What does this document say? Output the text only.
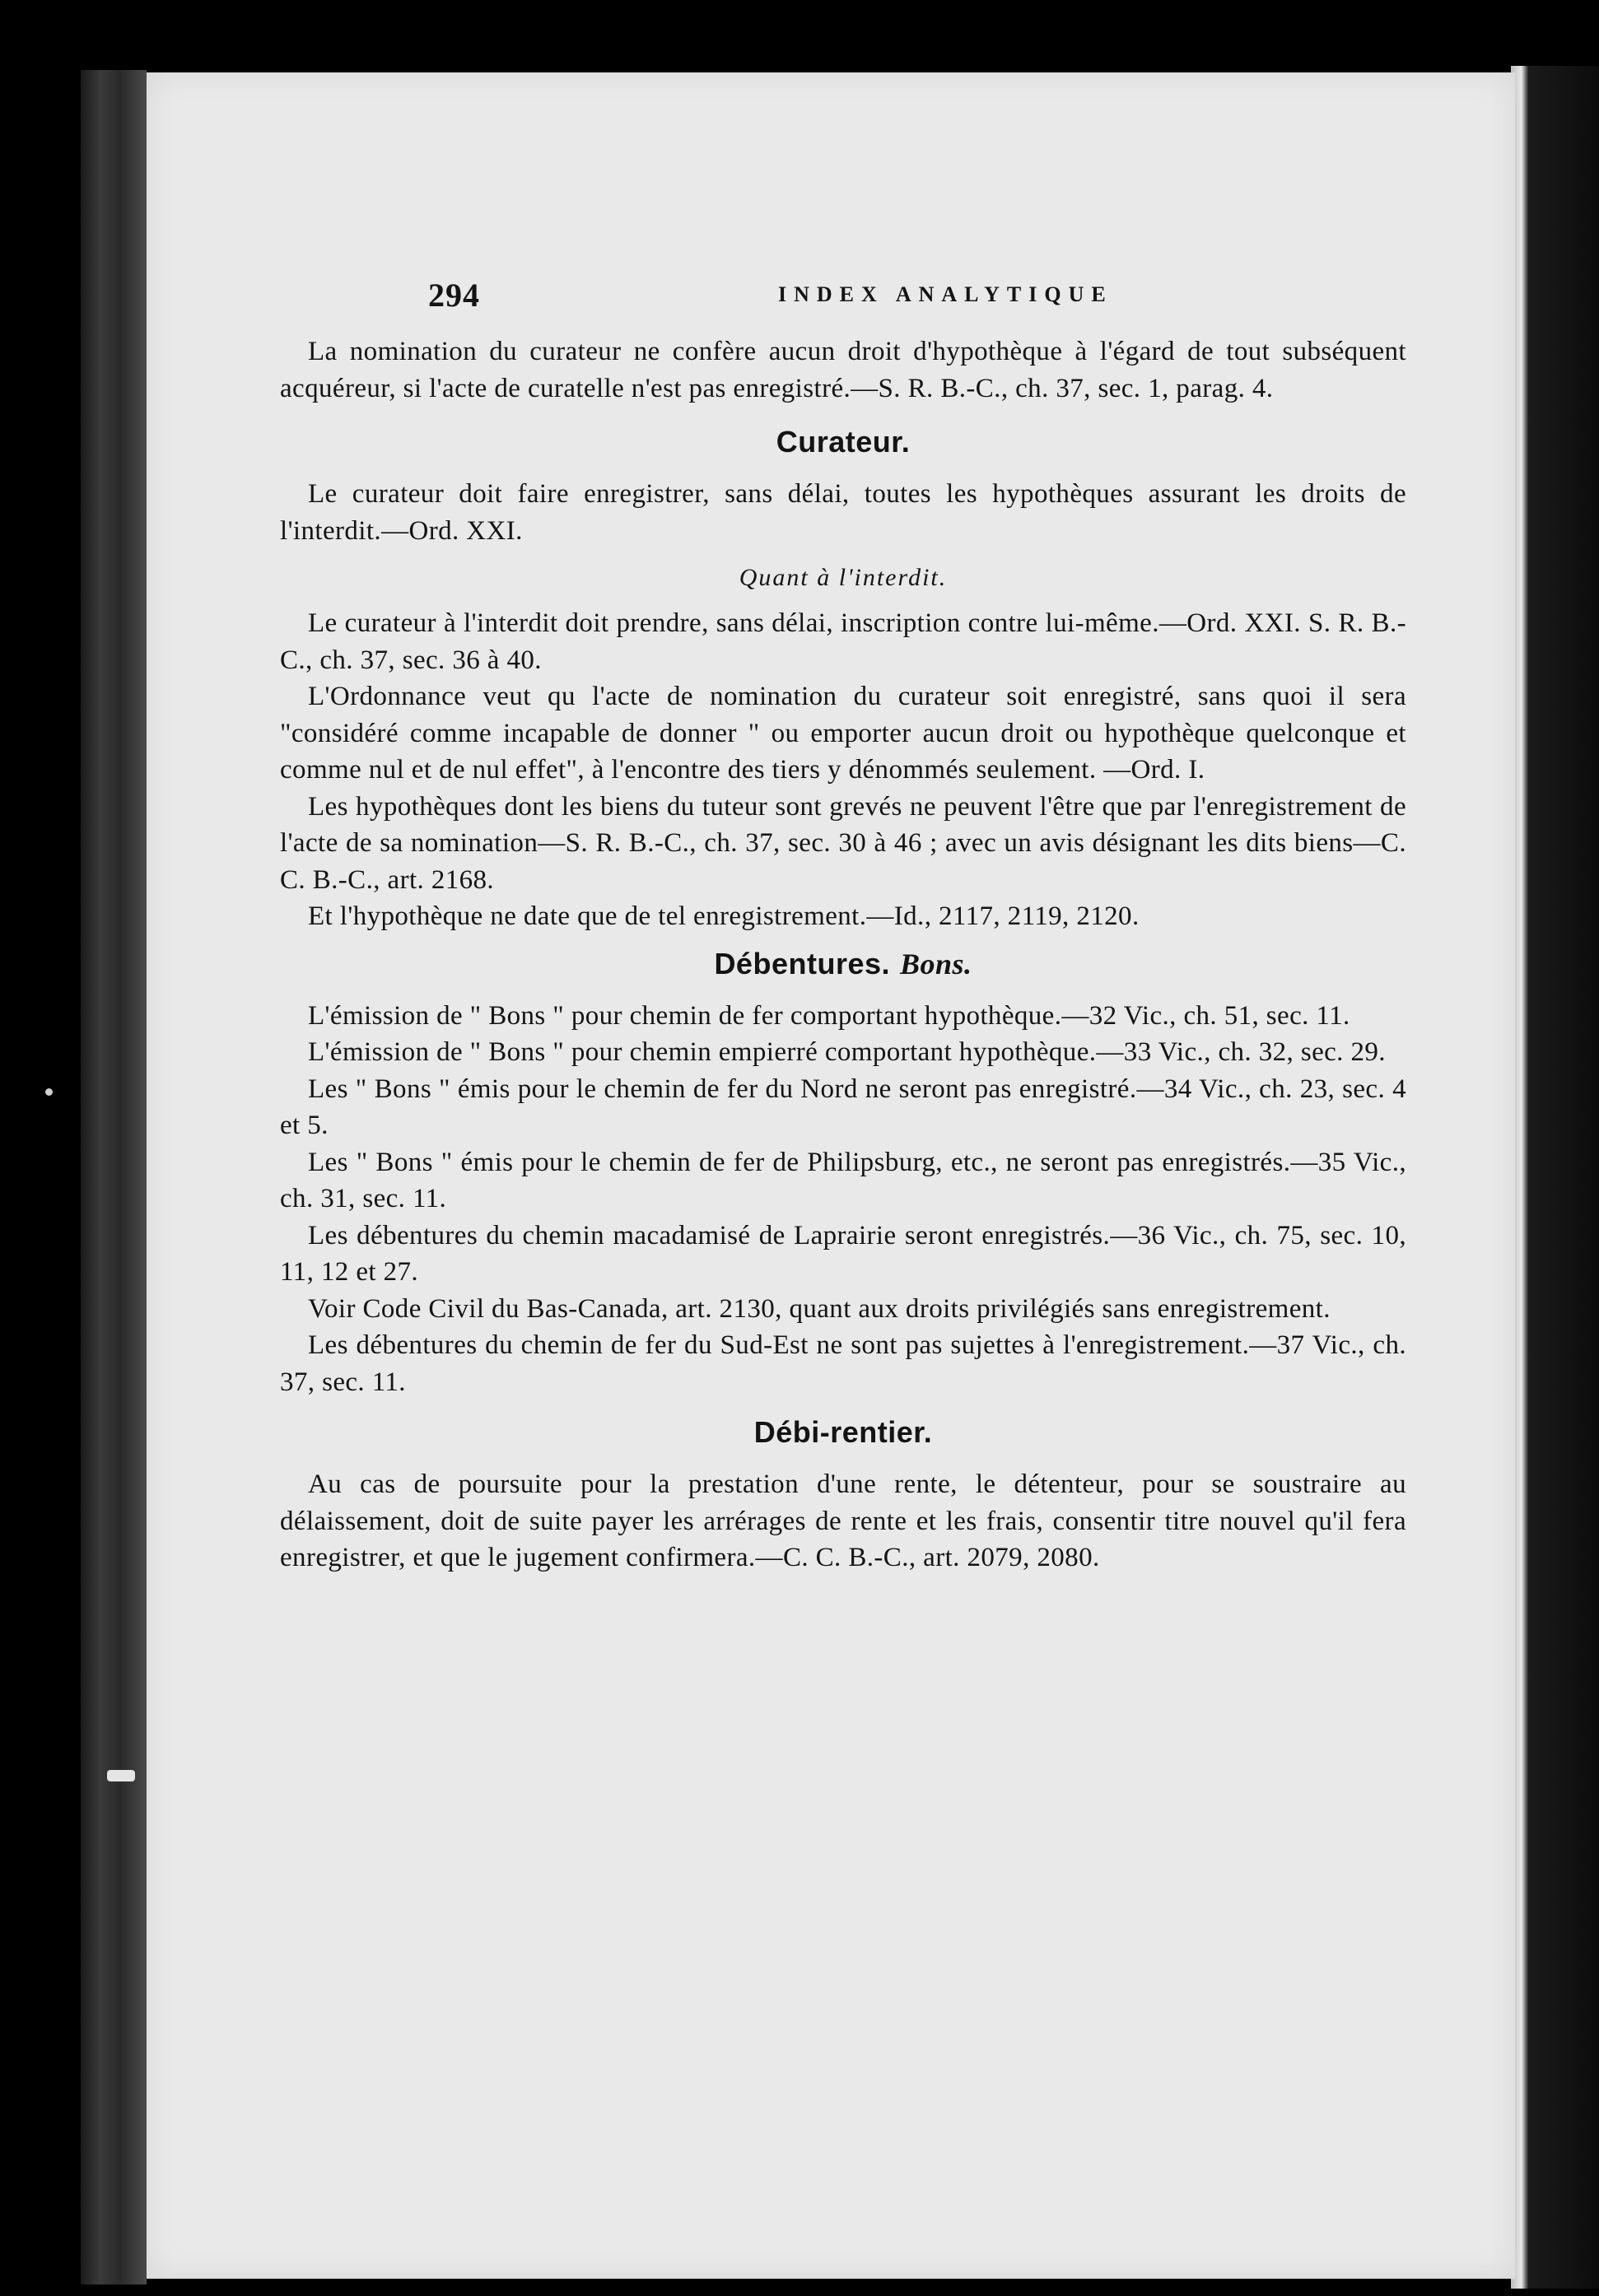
294	INDEX ANALYTIQUE

La nomination du curateur ne confère aucun droit d'hypothèque à l'égard de tout subséquent acquéreur, si l'acte de curatelle n'est pas enregistré.—S. R. B.-C., ch. 37, sec. 1, parag. 4.

Curateur.

Le curateur doit faire enregistrer, sans délai, toutes les hypothèques assurant les droits de l'interdit.—Ord. XXI.

Quant à l'interdit.

Le curateur à l'interdit doit prendre, sans délai, inscription contre lui-même.—Ord. XXI. S. R. B.-C., ch. 37, sec. 36 à 40.

L'Ordonnance veut qu l'acte de nomination du curateur soit enregistré, sans quoi il sera "considéré comme incapable de donner " ou emporter aucun droit ou hypothèque quelconque et comme nul et de nul effet", à l'encontre des tiers y dénommés seulement. —Ord. I.

Les hypothèques dont les biens du tuteur sont grevés ne peuvent l'être que par l'enregistrement de l'acte de sa nomination—S. R. B.-C., ch. 37, sec. 30 à 46 ; avec un avis désignant les dits biens—C. C. B.-C., art. 2168.

Et l'hypothèque ne date que de tel enregistrement.—Id., 2117, 2119, 2120.

Débentures. Bons.

L'émission de " Bons " pour chemin de fer comportant hypothèque.—32 Vic., ch. 51, sec. 11.

L'émission de " Bons " pour chemin empierré comportant hypothèque.—33 Vic., ch. 32, sec. 29.

Les " Bons " émis pour le chemin de fer du Nord ne seront pas enregistré.—34 Vic., ch. 23, sec. 4 et 5.

Les " Bons " émis pour le chemin de fer de Philipsburg, etc., ne seront pas enregistrés.—35 Vic., ch. 31, sec. 11.

Les débentures du chemin macadamisé de Laprairie seront enregistrés.—36 Vic., ch. 75, sec. 10, 11, 12 et 27.

Voir Code Civil du Bas-Canada, art. 2130, quant aux droits privilégiés sans enregistrement.

Les débentures du chemin de fer du Sud-Est ne sont pas sujettes à l'enregistrement.—37 Vic., ch. 37, sec. 11.

Débi-rentier.

Au cas de poursuite pour la prestation d'une rente, le détenteur, pour se soustraire au délaissement, doit de suite payer les arrérages de rente et les frais, consentir titre nouvel qu'il fera enregistrer, et que le jugement confirmera.—C. C. B.-C., art. 2079, 2080.
